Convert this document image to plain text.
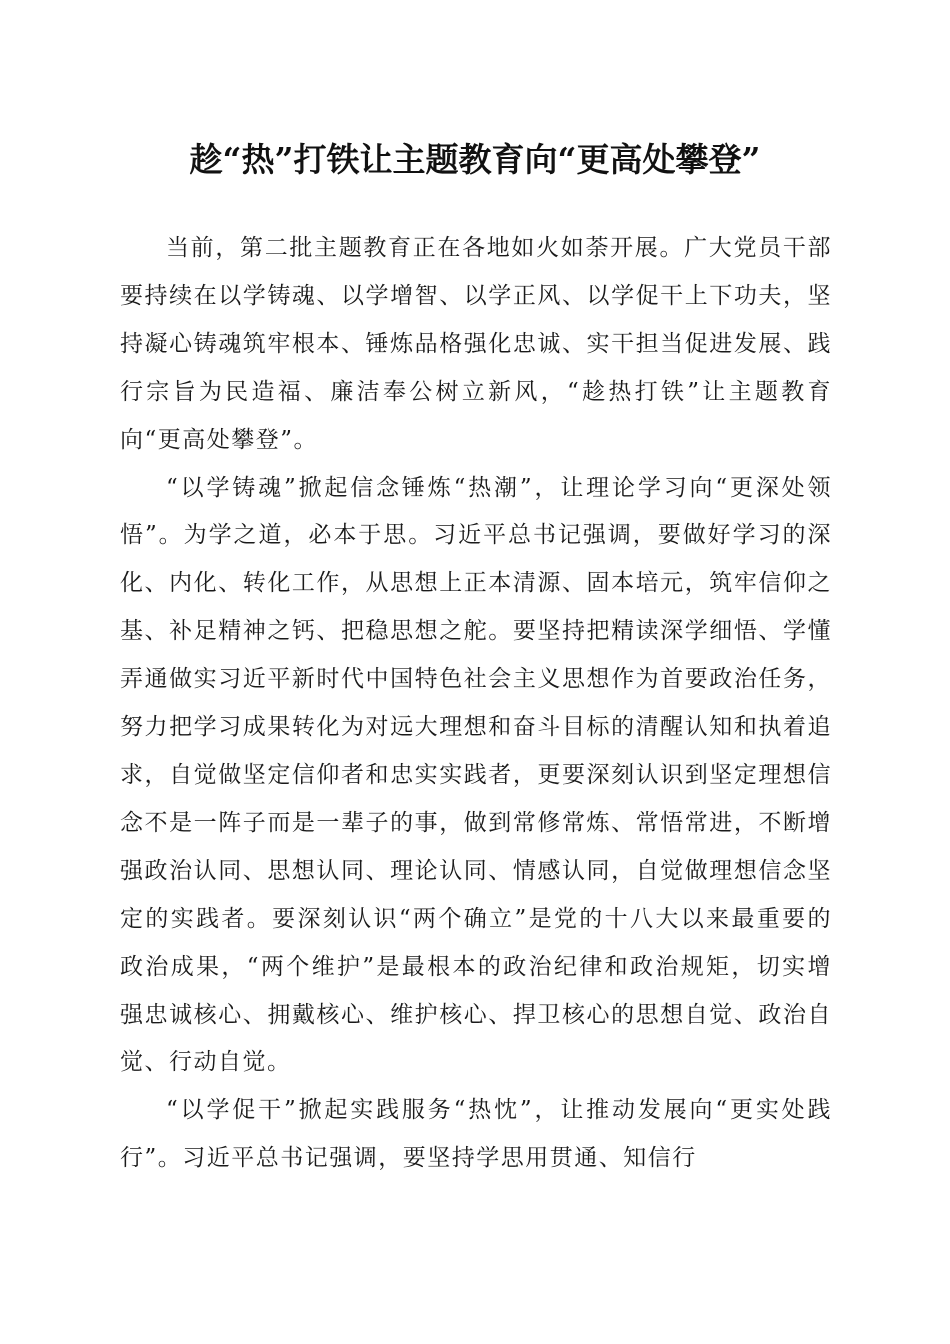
趁“热”打铁让主题教育向“更高处攀登”

当前，第二批主题教育正在各地如火如荼开展。广大党员干部要持续在以学铸魂、以学增智、以学正风、以学促干上下功夫，坚持凝心铸魂筑牢根本、锤炼品格强化忠诚、实干担当促进发展、践行宗旨为民造福、廉洁奉公树立新风，“趁热打铁”让主题教育向“更高处攀登”。

“以学铸魂”掀起信念锤炼“热潮”，让理论学习向“更深处领悟”。为学之道，必本于思。习近平总书记强调，要做好学习的深化、内化、转化工作，从思想上正本清源、固本培元，筑牢信仰之基、补足精神之钙、把稳思想之舵。要坚持把精读深学细悟、学懂弄通做实习近平新时代中国特色社会主义思想作为首要政治任务，努力把学习成果转化为对远大理想和奋斗目标的清醒认知和执着追求，自觉做坚定信仰者和忠实实践者，更要深刻认识到坚定理想信念不是一阵子而是一辈子的事，做到常修常炼、常悟常进，不断增强政治认同、思想认同、理论认同、情感认同，自觉做理想信念坚定的实践者。要深刻认识“两个确立”是党的十八大以来最重要的政治成果，“两个维护”是最根本的政治纪律和政治规矩，切实增强忠诚核心、拥戴核心、维护核心、捍卫核心的思想自觉、政治自觉、行动自觉。

“以学促干”掀起实践服务“热忱”，让推动发展向“更实处践行”。习近平总书记强调，要坚持学思用贯通、知信行
